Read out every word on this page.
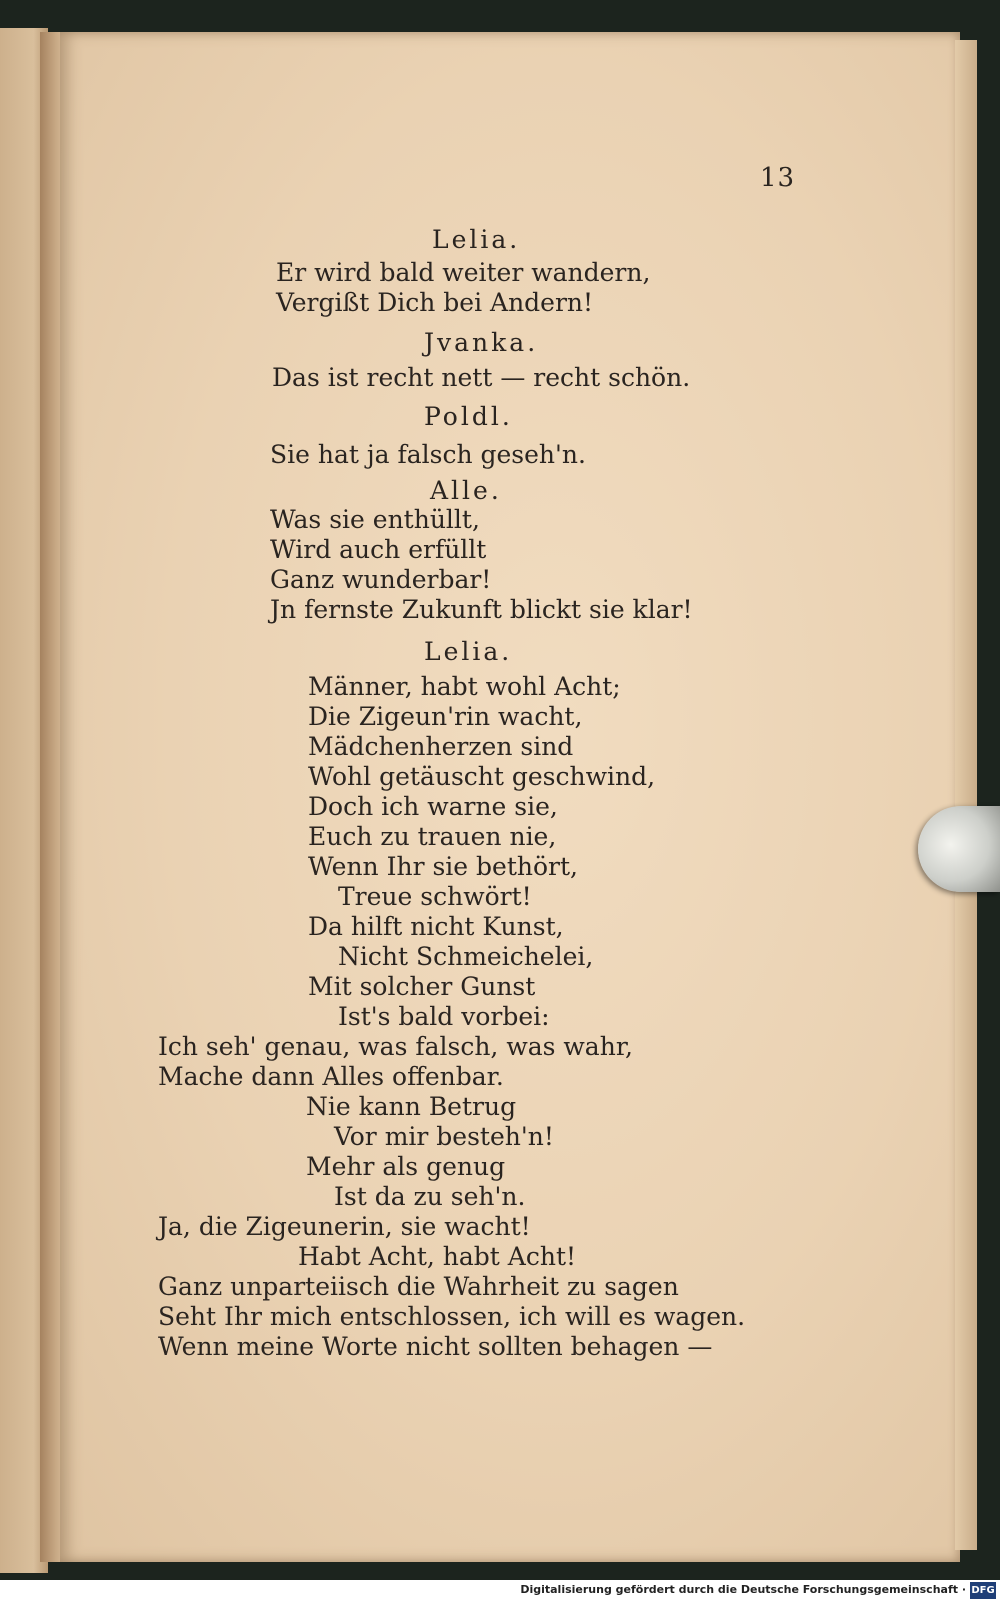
13
Lelia.
Er wird bald weiter wandern,
Vergißt Dich bei Andern!
Jvanka.
Das ist recht nett — recht schön.
Poldl.
Sie hat ja falsch geseh'n.
Alle.
Was sie enthüllt,
Wird auch erfüllt
Ganz wunderbar!
Jn fernste Zukunft blickt sie klar!
Lelia.
Männer, habt wohl Acht;
Die Zigeun'rin wacht,
Mädchenherzen sind
Wohl getäuscht geschwind,
Doch ich warne sie,
Euch zu trauen nie,
Wenn Ihr sie bethört,
Treue schwört!
Da hilft nicht Kunst,
Nicht Schmeichelei,
Mit solcher Gunst
Ist's bald vorbei:
Ich seh' genau, was falsch, was wahr,
Mache dann Alles offenbar.
Nie kann Betrug
Vor mir besteh'n!
Mehr als genug
Ist da zu seh'n.
Ja, die Zigeunerin, sie wacht!
Habt Acht, habt Acht!
Ganz unparteiisch die Wahrheit zu sagen
Seht Ihr mich entschlossen, ich will es wagen.
Wenn meine Worte nicht sollten behagen —
Digitalisierung gefördert durch die Deutsche Forschungsgemeinschaft · DFG
